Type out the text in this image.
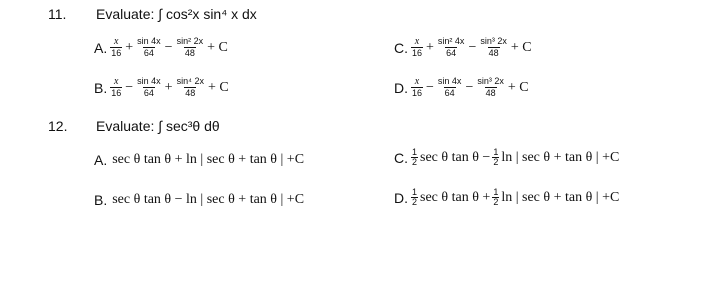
11. Evaluate: ∫ cos²x sin⁴ x dx
A. $\frac{x}{16} + \frac{\sin 4x}{64} - \frac{\text{sin² 2x}}{48} + C$
B. $\frac{x}{16} - \frac{\sin 4x}{64} + \frac{\text{sin⁴ 2x}}{48} + C$
C. $\frac{x}{16} + \frac{\text{sin² 4x}}{64} - \frac{\text{sin³ 2x}}{48} + C$
D. $\frac{x}{16} - \frac{\sin 4x}{64} - \frac{\text{sin³ 2x}}{48} + C$
12. Evaluate: ∫ sec³θ dθ
A. sec θ tan θ + ln | sec θ + tan θ | +C
B. sec θ tan θ − ln | sec θ + tan θ | +C
C. $\frac{1}{2}$ sec θ $\tan \theta - \frac{1}{2}$ ln | sec θ + tan θ | +C
D. $\frac{1}{2}$ sec θ $\tan \theta + \frac{1}{2}$ ln | sec θ + tan θ | +C
